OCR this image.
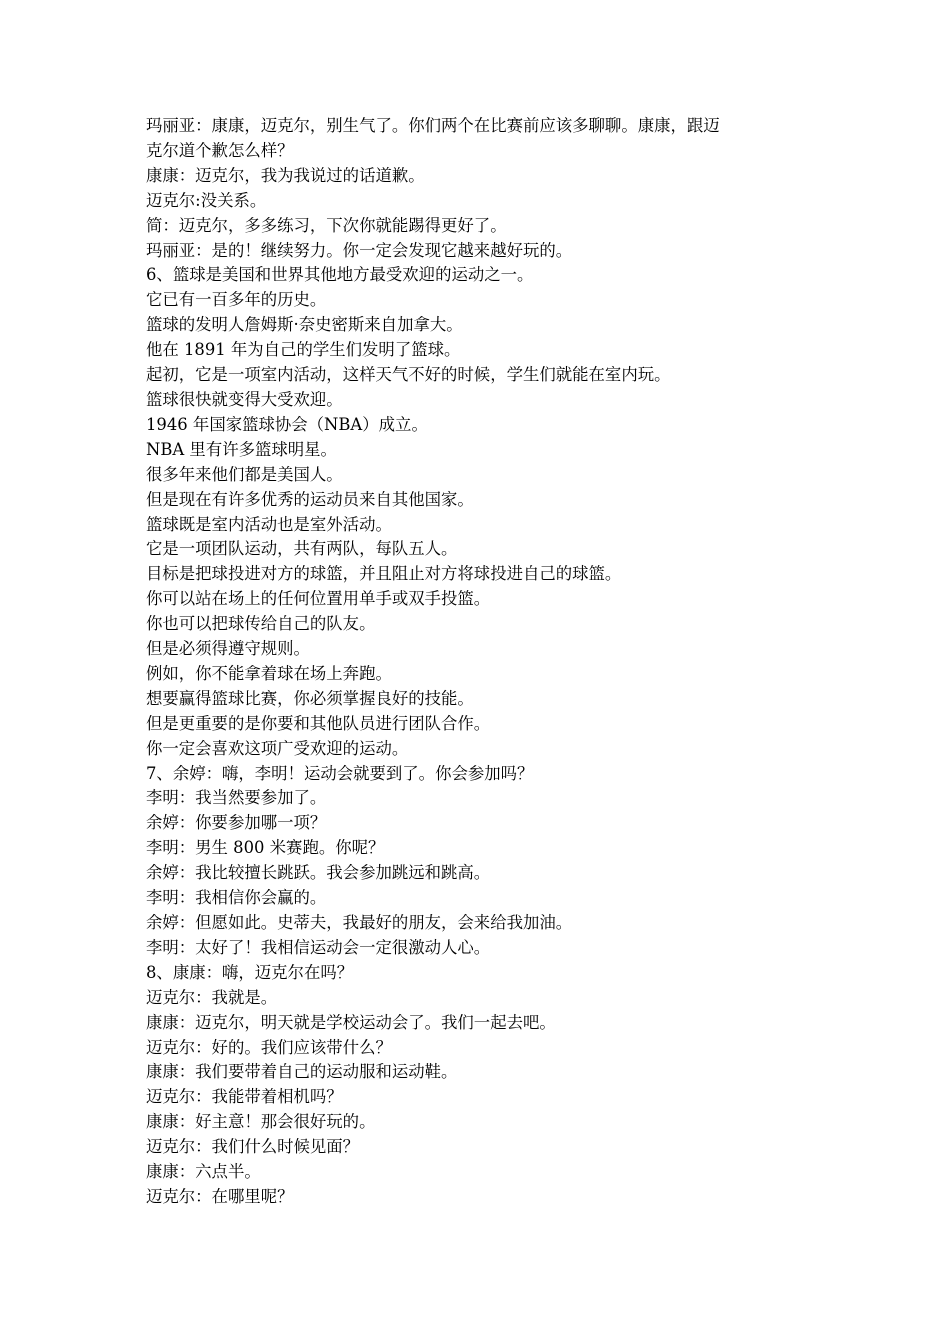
玛丽亚：康康，迈克尔，别生气了。你们两个在比赛前应该多聊聊。康康，跟迈
克尔道个歉怎么样？
康康：迈克尔，我为我说过的话道歉。
迈克尔:没关系。
简：迈克尔，多多练习，下次你就能踢得更好了。
玛丽亚：是的！继续努力。你一定会发现它越来越好玩的。
6、篮球是美国和世界其他地方最受欢迎的运动之一。
它已有一百多年的历史。
篮球的发明人詹姆斯·奈史密斯来自加拿大。
他在 1891 年为自己的学生们发明了篮球。
起初，它是一项室内活动，这样天气不好的时候，学生们就能在室内玩。
篮球很快就变得大受欢迎。
1946 年国家篮球协会（NBA）成立。
NBA 里有许多篮球明星。
很多年来他们都是美国人。
但是现在有许多优秀的运动员来自其他国家。
篮球既是室内活动也是室外活动。
它是一项团队运动，共有两队，每队五人。
目标是把球投进对方的球篮，并且阻止对方将球投进自己的球篮。
你可以站在场上的任何位置用单手或双手投篮。
你也可以把球传给自己的队友。
但是必须得遵守规则。
例如，你不能拿着球在场上奔跑。
想要赢得篮球比赛，你必须掌握良好的技能。
但是更重要的是你要和其他队员进行团队合作。
你一定会喜欢这项广受欢迎的运动。
7、余婷：嗨，李明！运动会就要到了。你会参加吗？
李明：我当然要参加了。
余婷：你要参加哪一项？
李明：男生 800 米赛跑。你呢？
余婷：我比较擅长跳跃。我会参加跳远和跳高。
李明：我相信你会赢的。
余婷：但愿如此。史蒂夫，我最好的朋友，会来给我加油。
李明：太好了！我相信运动会一定很激动人心。
8、康康：嗨，迈克尔在吗？
迈克尔：我就是。
康康：迈克尔，明天就是学校运动会了。我们一起去吧。
迈克尔：好的。我们应该带什么？
康康：我们要带着自己的运动服和运动鞋。
迈克尔：我能带着相机吗？
康康：好主意！那会很好玩的。
迈克尔：我们什么时候见面？
康康：六点半。
迈克尔：在哪里呢？
